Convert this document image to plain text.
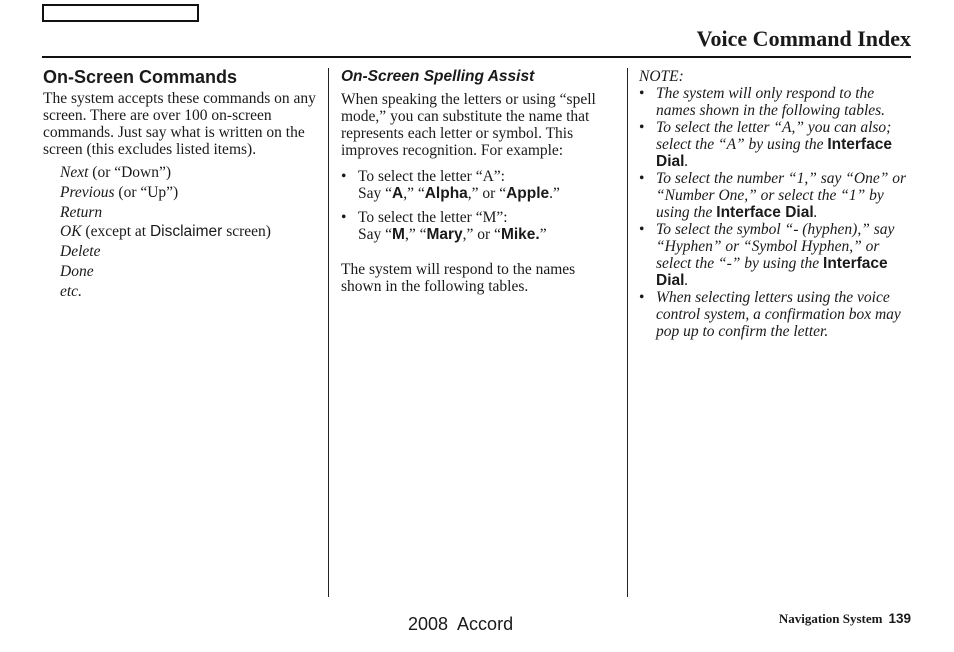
Voice Command Index
On-Screen Commands

The system accepts these commands on any screen. There are over 100 on-screen commands. Just say what is written on the screen (this excludes listed items).

Next (or “Down”)
Previous (or “Up”)
Return
OK (except at Disclaimer screen)
Delete
Done
etc.
On-Screen Spelling Assist

When speaking the letters or using “spell mode,” you can substitute the name that represents each letter or symbol. This improves recognition. For example:

• To select the letter “A”:
Say “A,” “Alpha,” or “Apple.”
• To select the letter “M”:
Say “M,” “Mary,” or “Mike.”

The system will respond to the names shown in the following tables.

NOTE:
• The system will only respond to the names shown in the following tables.
• To select the letter “A,” you can also; select the “A” by using the Interface Dial.
• To select the number “1,” say “One” or “Number One,” or select the “1” by using the Interface Dial.
• To select the symbol “- (hyphen),” say “Hyphen” or “Symbol Hyphen,” or select the “-” by using the Interface Dial.
• When selecting letters using the voice control system, a confirmation box may pop up to confirm the letter.
2008  Accord	Navigation System 139
